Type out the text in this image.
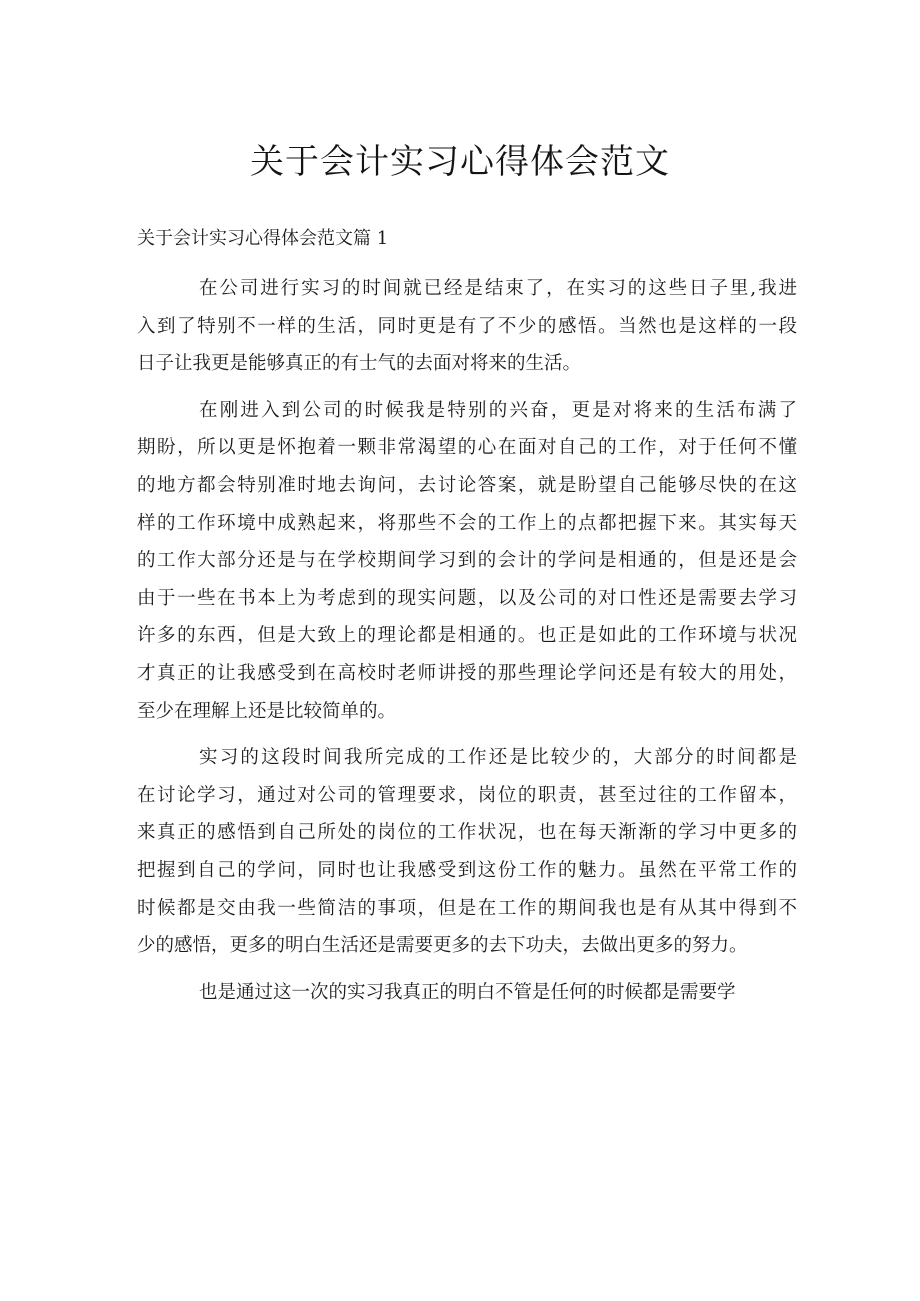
关于会计实习心得体会范文

关于会计实习心得体会范文篇 1

在公司进行实习的时间就已经是结束了，在实习的这些日子里,我进
入到了特别不一样的生活，同时更是有了不少的感悟。当然也是这样的一段
日子让我更是能够真正的有士气的去面对将来的生活。
在刚进入到公司的时候我是特别的兴奋，更是对将来的生活布满了
期盼，所以更是怀抱着一颗非常渴望的心在面对自己的工作，对于任何不懂
的地方都会特别准时地去询问，去讨论答案，就是盼望自己能够尽快的在这
样的工作环境中成熟起来，将那些不会的工作上的点都把握下来。其实每天
的工作大部分还是与在学校期间学习到的会计的学问是相通的，但是还是会
由于一些在书本上为考虑到的现实问题，以及公司的对口性还是需要去学习
许多的东西，但是大致上的理论都是相通的。也正是如此的工作环境与状况
才真正的让我感受到在高校时老师讲授的那些理论学问还是有较大的用处，
至少在理解上还是比较简单的。
实习的这段时间我所完成的工作还是比较少的，大部分的时间都是
在讨论学习，通过对公司的管理要求，岗位的职责，甚至过往的工作留本，
来真正的感悟到自己所处的岗位的工作状况，也在每天渐渐的学习中更多的
把握到自己的学问，同时也让我感受到这份工作的魅力。虽然在平常工作的
时候都是交由我一些简洁的事项，但是在工作的期间我也是有从其中得到不
少的感悟，更多的明白生活还是需要更多的去下功夫，去做出更多的努力。
也是通过这一次的实习我真正的明白不管是任何的时候都是需要学
